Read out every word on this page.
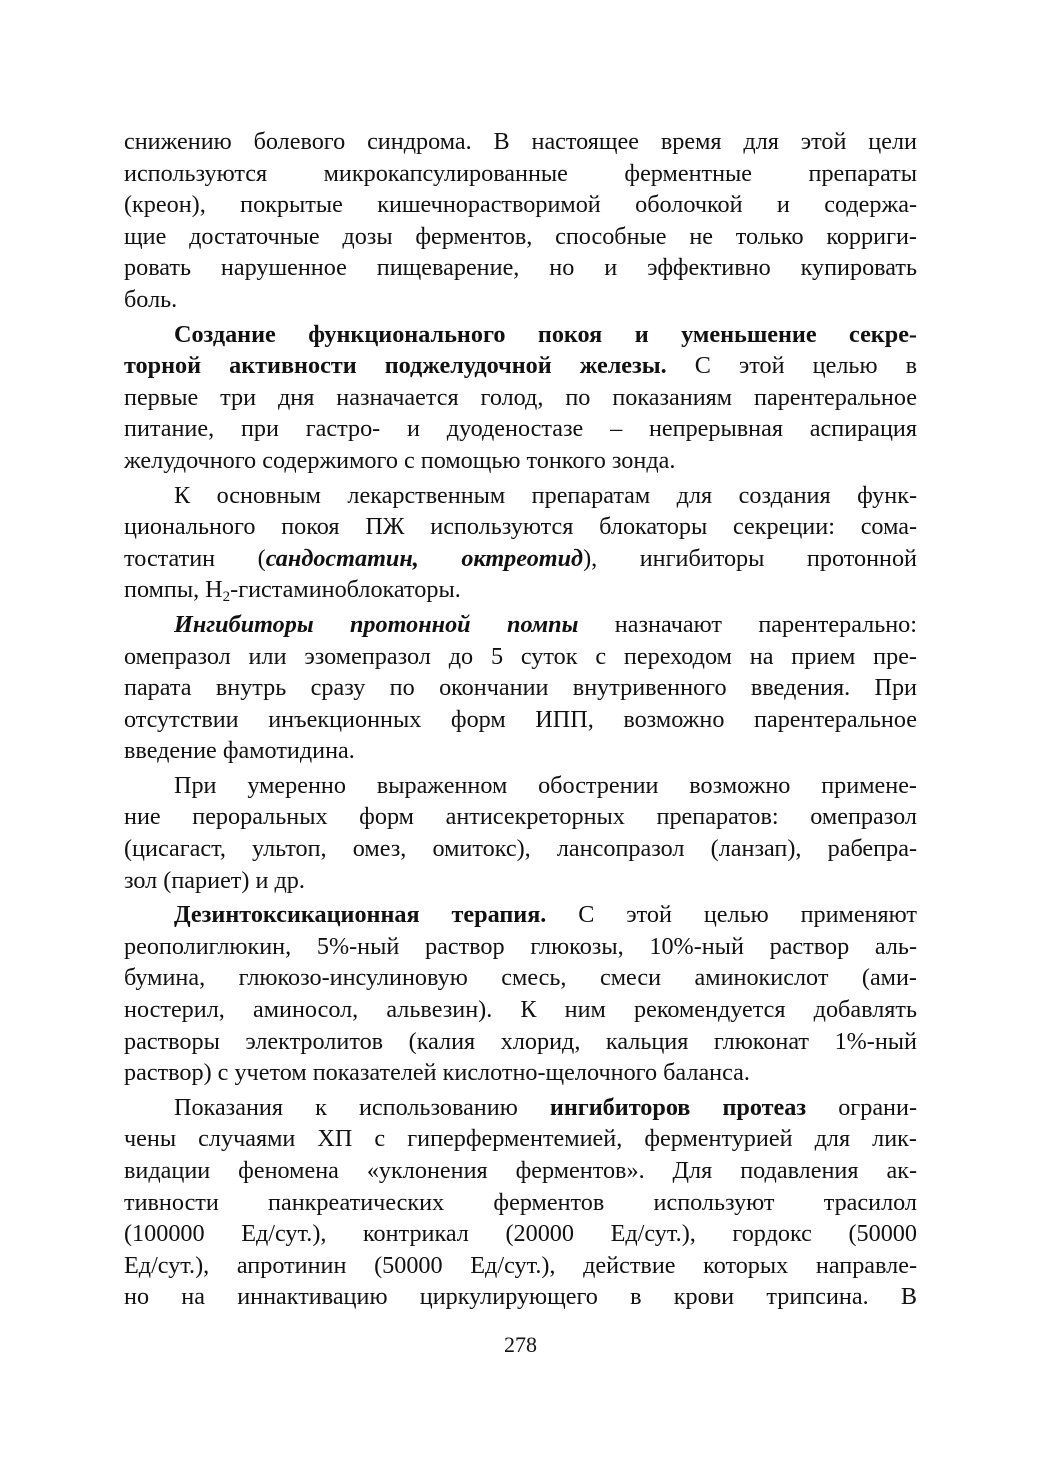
снижению болевого синдрома. В настоящее время для этой цели
используются микрокапсулированные ферментные препараты
(креон), покрытые кишечнорастворимой оболочкой и содержа-
щие достаточные дозы ферментов, способные не только корриги-
ровать нарушенное пищеварение, но и эффективно купировать
боль.
Создание функционального покоя и уменьшение секре-
торной активности поджелудочной железы. С этой целью в
первые три дня назначается голод, по показаниям парентеральное
питание, при гастро- и дуоденостазе – непрерывная аспирация
желудочного содержимого с помощью тонкого зонда.
К основным лекарственным препаратам для создания функ-
ционального покоя ПЖ используются блокаторы секреции: сома-
тостатин (сандостатин, октреотид), ингибиторы протонной
помпы, $Н_2$-гистаминоблокаторы.
Ингибиторы протонной помпы назначают парентерально:
омепразол или эзомепразол до 5 суток с переходом на прием пре-
парата внутрь сразу по окончании внутривенного введения. При
отсутствии инъекционных форм ИПП, возможно парентеральное
введение фамотидина.
При умеренно выраженном обострении возможно примене-
ние пероральных форм антисекреторных препаратов: омепразол
(цисагаст, ультоп, омез, омитокс), лансопразол (ланзап), рабепра-
зол (париет) и др.
Дезинтоксикационная терапия. С этой целью применяют
реополиглюкин, 5%-ный раствор глюкозы, 10%-ный раствор аль-
бумина, глюкозо-инсулиновую смесь, смеси аминокислот (ами-
ностерил, аминосол, альвезин). К ним рекомендуется добавлять
растворы электролитов (калия хлорид, кальция глюконат 1%-ный
раствор) с учетом показателей кислотно-щелочного баланса.
Показания к использованию ингибиторов протеаз ограни-
чены случаями ХП с гиперферментемией, ферментурией для лик-
видации феномена «уклонения ферментов». Для подавления ак-
тивности панкреатических ферментов используют трасилол
(100000 Ед/сут.), контрикал (20000 Ед/сут.), гордокс (50000
Ед/сут.), апротинин (50000 Ед/сут.), действие которых направле-
но на иннактивацию циркулирующего в крови трипсина. В
278
